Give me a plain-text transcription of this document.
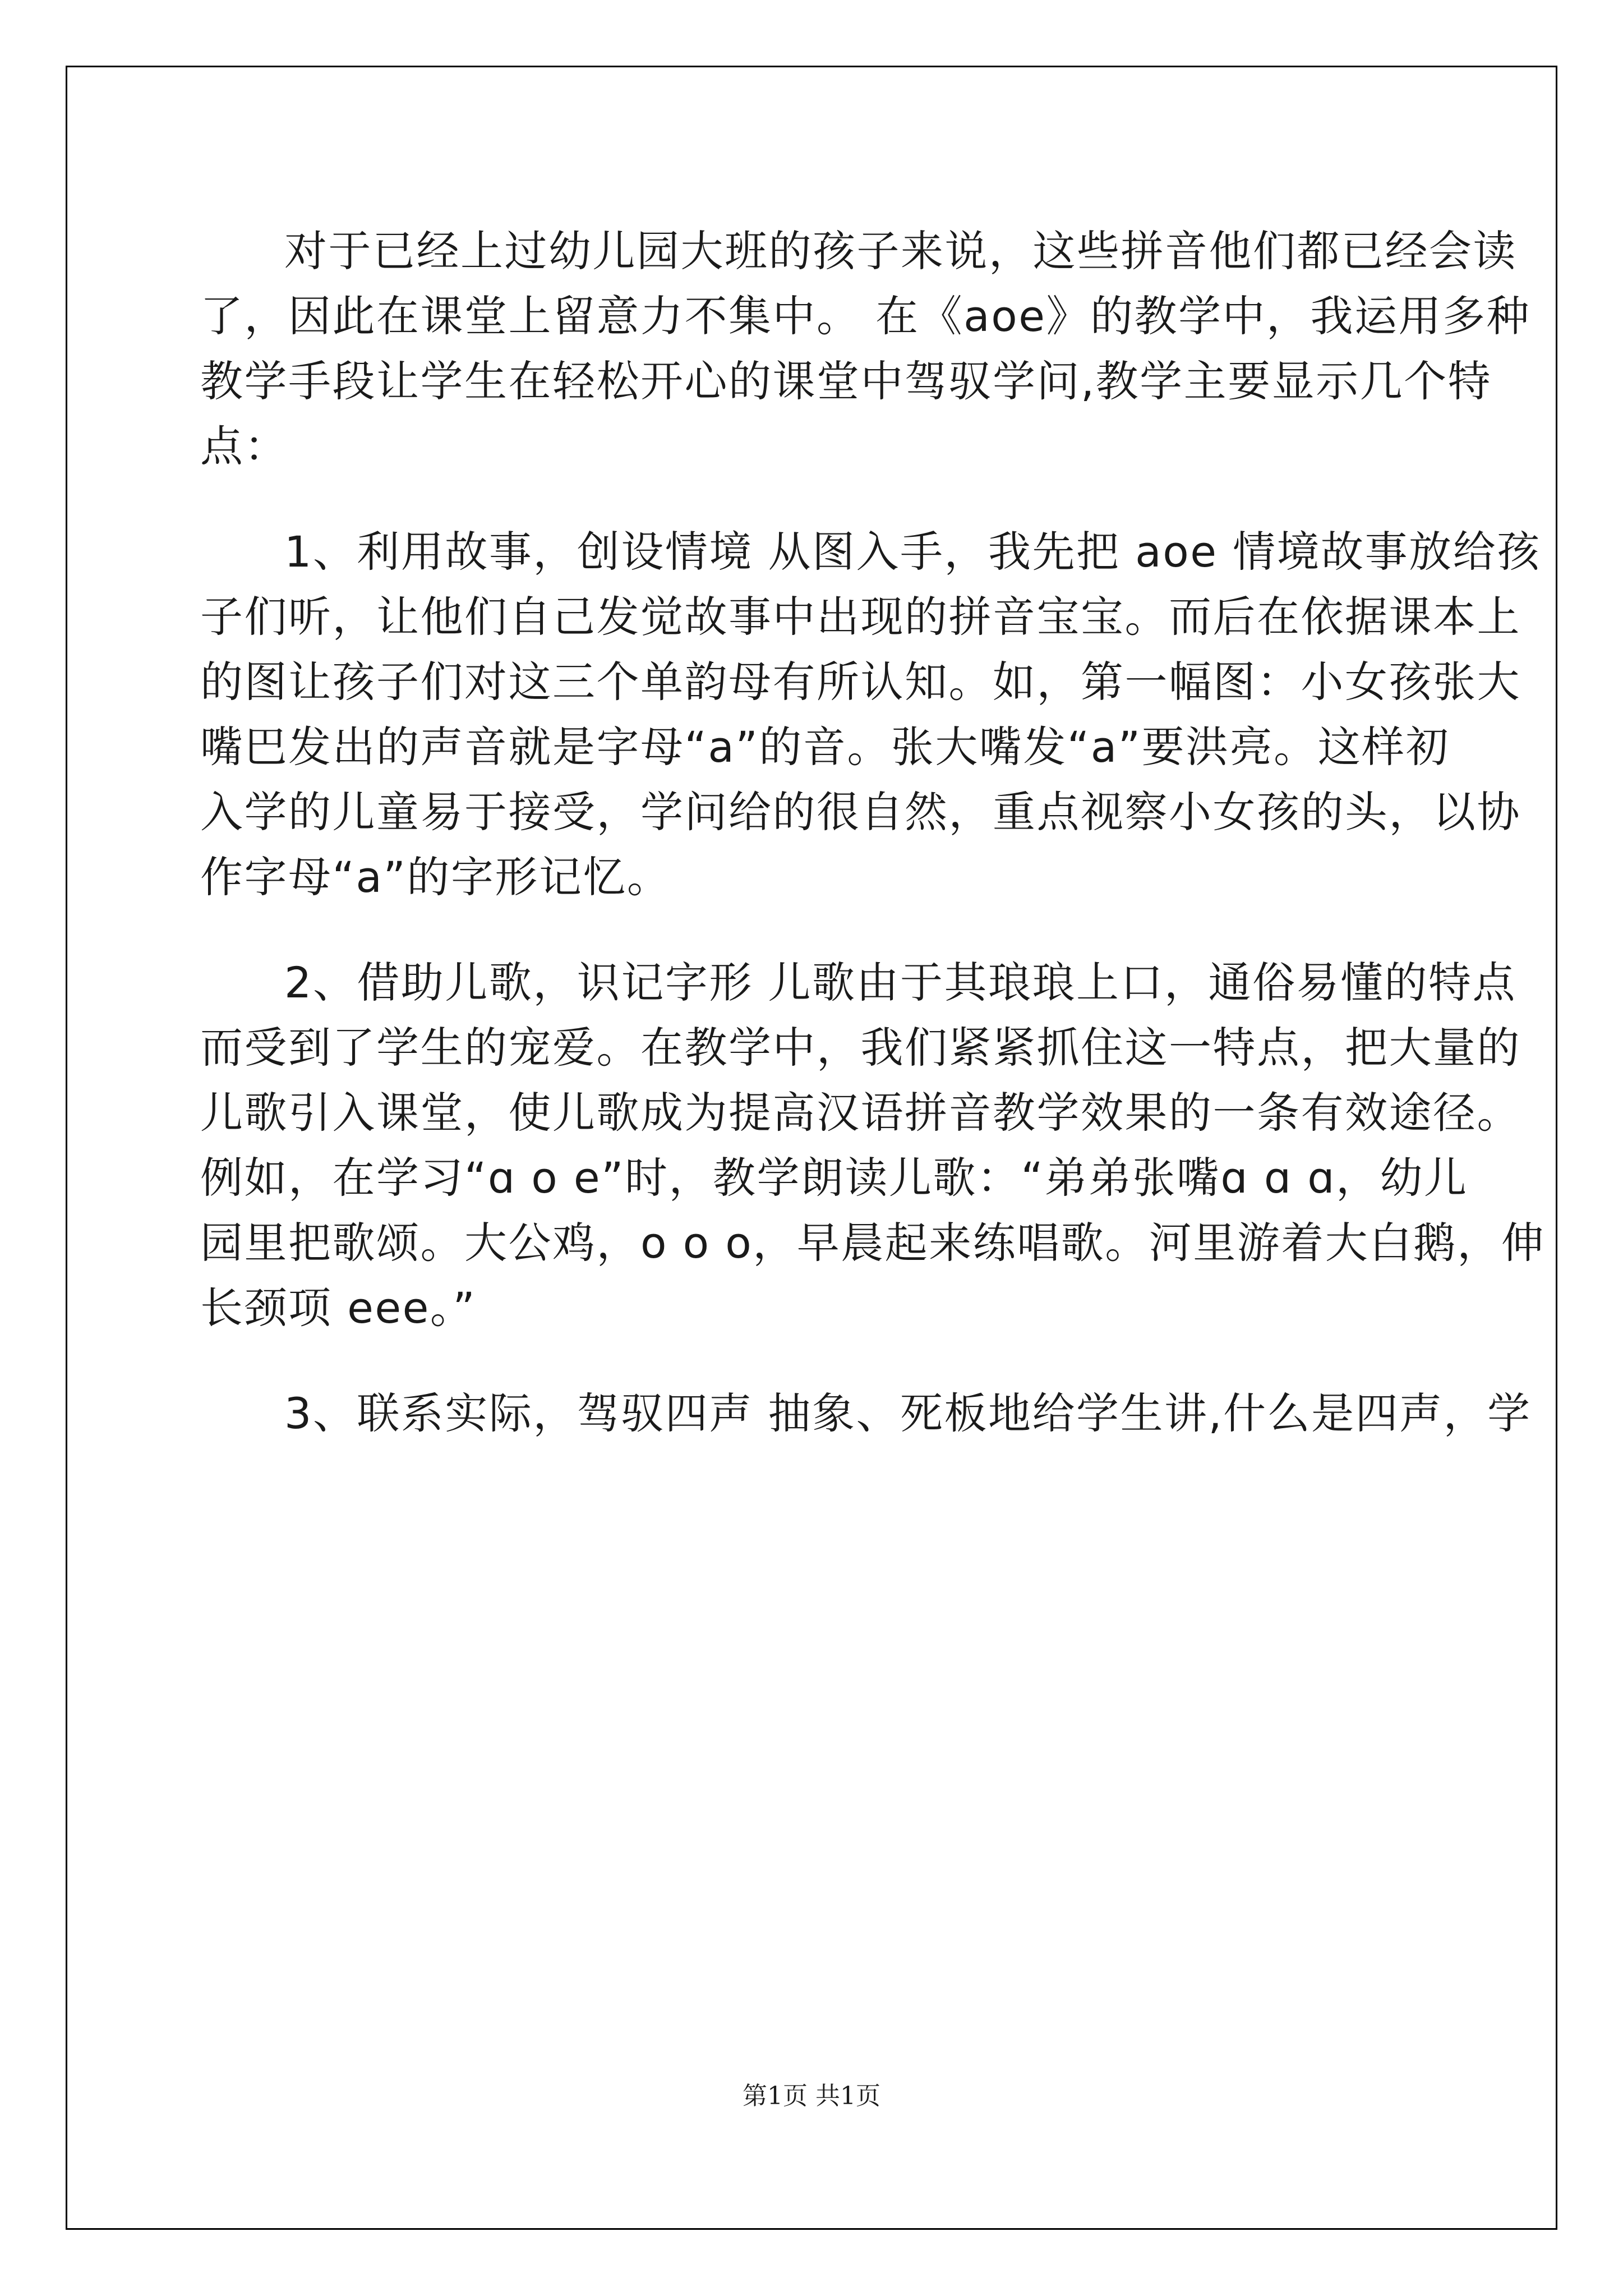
对于已经上过幼儿园大班的孩子来说，这些拼音他们都已经会读
了，因此在课堂上留意力不集中。 在《aoe》的教学中，我运用多种
教学手段让学生在轻松开心的课堂中驾驭学问,教学主要显示几个特
点：
1、利用故事，创设情境 从图入手，我先把 aoe 情境故事放给孩
子们听，让他们自己发觉故事中出现的拼音宝宝。而后在依据课本上
的图让孩子们对这三个单韵母有所认知。如，第一幅图：小女孩张大
嘴巴发出的声音就是字母“a”的音。张大嘴发“a”要洪亮。这样初
入学的儿童易于接受，学问给的很自然，重点视察小女孩的头，以协
作字母“a”的字形记忆。
2、借助儿歌，识记字形 儿歌由于其琅琅上口，通俗易懂的特点
而受到了学生的宠爱。在教学中，我们紧紧抓住这一特点，把大量的
儿歌引入课堂，使儿歌成为提高汉语拼音教学效果的一条有效途径。
例如，在学习“ɑ o e”时，教学朗读儿歌：“弟弟张嘴ɑ ɑ ɑ，幼儿
园里把歌颂。大公鸡，o o o，早晨起来练唱歌。河里游着大白鹅，伸
长颈项 eee。”
3、联系实际，驾驭四声 抽象、死板地给学生讲,什么是四声，学
第1页 共1页
